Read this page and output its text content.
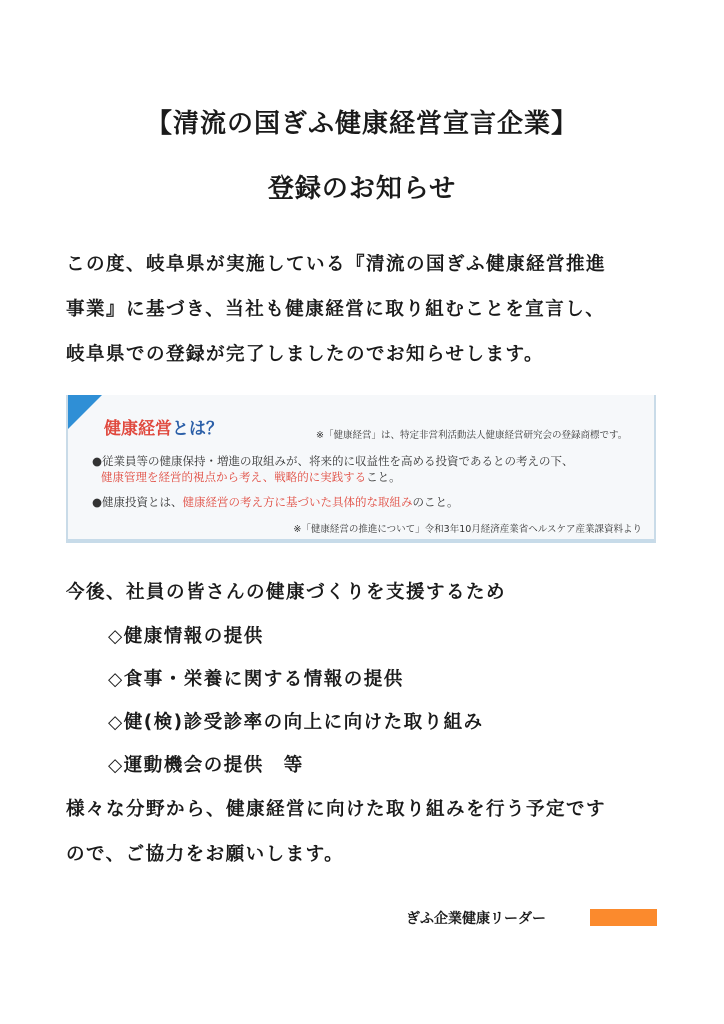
【清流の国ぎふ健康経営宣言企業】
登録のお知らせ

この度、岐阜県が実施している『清流の国ぎふ健康経営推進

事業』に基づき、当社も健康経営に取り組むことを宣言し、

岐阜県での登録が完了しましたのでお知らせします。

健康経営とは？	※「健康経営」は、特定非営利活動法人健康経営研究会の登録商標です。

●従業員等の健康保持・増進の取組みが、将来的に収益性を高める投資であるとの考えの下、

健康管理を経営的視点から考え、戦略的に実践すること。

●健康投資とは、健康経営の考え方に基づいた具体的な取組みのこと。

※「健康経営の推進について」令和3年10月経済産業省ヘルスケア産業課資料より

今後、社員の皆さんの健康づくりを支援するため

◇健康情報の提供

◇食事・栄養に関する情報の提供

◇健(検)診受診率の向上に向けた取り組み

◇運動機会の提供　等

様々な分野から、健康経営に向けた取り組みを行う予定です

ので、ご協力をお願いします。

ぎふ企業健康リーダー
